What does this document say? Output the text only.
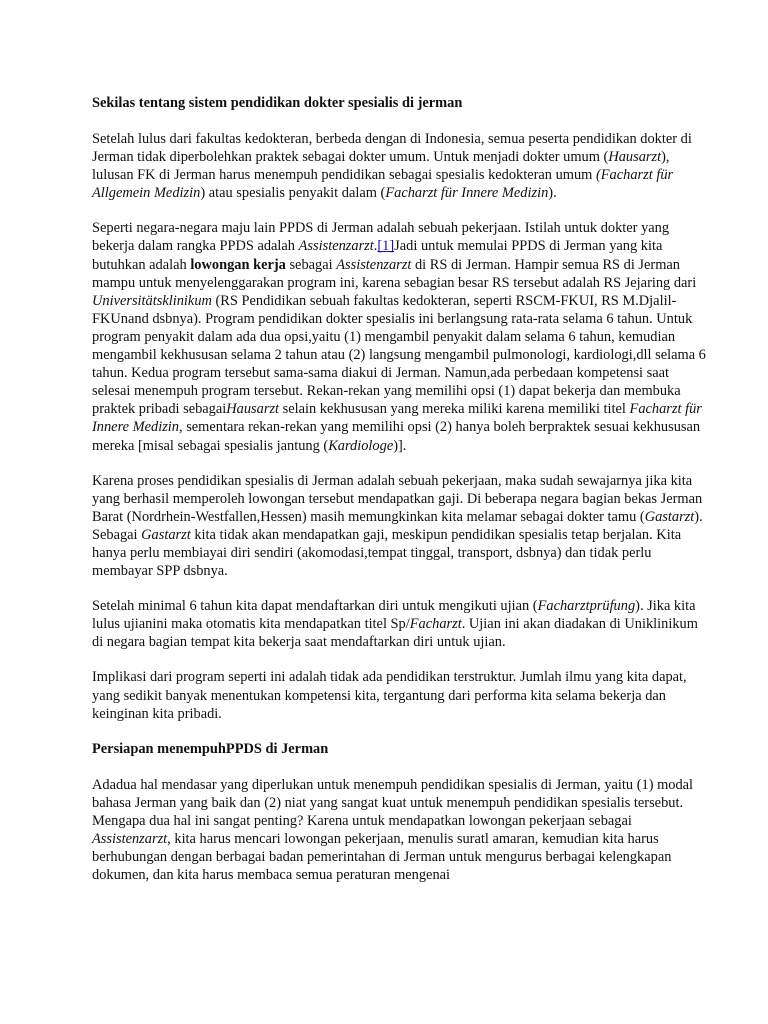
Sekilas tentang sistem pendidikan dokter spesialis di jerman

Setelah lulus dari fakultas kedokteran, berbeda dengan di Indonesia, semua peserta pendidikan dokter di Jerman tidak diperbolehkan praktek sebagai dokter umum. Untuk menjadi dokter umum (Hausarzt), lulusan FK di Jerman harus menempuh pendidikan sebagai spesialis kedokteran umum (Facharzt für Allgemein Medizin) atau spesialis penyakit dalam (Facharzt für Innere Medizin).

Seperti negara-negara maju lain PPDS di Jerman adalah sebuah pekerjaan. Istilah untuk dokter yang bekerja dalam rangka PPDS adalah Assistenzarzt.[1]Jadi untuk memulai PPDS di Jerman yang kita butuhkan adalah lowongan kerja sebagai Assistenzarzt di RS di Jerman. Hampir semua RS di Jerman mampu untuk menyelenggarakan program ini, karena sebagian besar RS tersebut adalah RS Jejaring dari Universitätsklinikum (RS Pendidikan sebuah fakultas kedokteran, seperti RSCM-FKUI, RS M.Djalil-FKUnand dsbnya). Program pendidikan dokter spesialis ini berlangsung rata-rata selama 6 tahun. Untuk program penyakit dalam ada dua opsi,yaitu (1) mengambil penyakit dalam selama 6 tahun, kemudian mengambil kekhususan selama 2 tahun atau (2) langsung mengambil pulmonologi, kardiologi,dll selama 6 tahun. Kedua program tersebut sama-sama diakui di Jerman. Namun,ada perbedaan kompetensi saat selesai menempuh program tersebut. Rekan-rekan yang memilihi opsi (1) dapat bekerja dan membuka praktek pribadi sebagaiHausarzt selain kekhususan yang mereka miliki karena memiliki titel Facharzt für Innere Medizin, sementara rekan-rekan yang memilihi opsi (2) hanya boleh berpraktek sesuai kekhususan mereka [misal sebagai spesialis jantung (Kardiologe)].

Karena proses pendidikan spesialis di Jerman adalah sebuah pekerjaan, maka sudah sewajarnya jika kita yang berhasil memperoleh lowongan tersebut mendapatkan gaji. Di beberapa negara bagian bekas Jerman Barat (Nordrhein-Westfallen,Hessen) masih memungkinkan kita melamar sebagai dokter tamu (Gastarzt). Sebagai Gastarzt kita tidak akan mendapatkan gaji, meskipun pendidikan spesialis tetap berjalan. Kita hanya perlu membiayai diri sendiri (akomodasi,tempat tinggal, transport, dsbnya) dan tidak perlu membayar SPP dsbnya.

Setelah minimal 6 tahun kita dapat mendaftarkan diri untuk mengikuti ujian (Facharztprüfung). Jika kita lulus ujianini maka otomatis kita mendapatkan titel Sp/Facharzt. Ujian ini akan diadakan di Uniklinikum di negara bagian tempat kita bekerja saat mendaftarkan diri untuk ujian.

Implikasi dari program seperti ini adalah tidak ada pendidikan terstruktur. Jumlah ilmu yang kita dapat, yang sedikit banyak menentukan kompetensi kita, tergantung dari performa kita selama bekerja dan keinginan kita pribadi.

Persiapan menempuhPPDS di Jerman

Adadua hal mendasar yang diperlukan untuk menempuh pendidikan spesialis di Jerman, yaitu (1) modal bahasa Jerman yang baik dan (2) niat yang sangat kuat untuk menempuh pendidikan spesialis tersebut. Mengapa dua hal ini sangat penting? Karena untuk mendapatkan lowongan pekerjaan sebagai Assistenzarzt, kita harus mencari lowongan pekerjaan, menulis suratl amaran, kemudian kita harus berhubungan dengan berbagai badan pemerintahan di Jerman untuk mengurus berbagai kelengkapan dokumen, dan kita harus membaca semua peraturan mengenai
